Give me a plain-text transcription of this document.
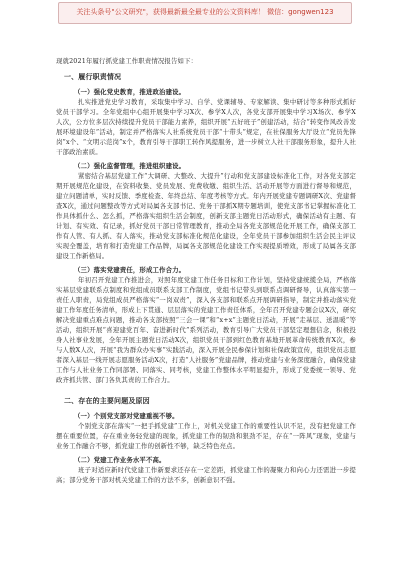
关注头条号"公文研究"，获得最新最全最专业的公文资料库！ 微信：gongwen123

现就2021年履行抓党建工作职责情况报告如下：

一、履行职责情况
（一）强化党史教育，推进政治建设。

扎实推进党史学习教育，采取集中学习、自学、党课辅导、专家解读、集中研讨等多种形式抓好党员干部学习。全年党组中心组开展集中学习X次、参学X人次，各党支部开展集中学习X场次、参学X人次，公方位多层次持续提升党员干部能力素养，组织开展“五好班子”创建活动，结合“转变作风改善发展环境建设年”活动，制定并严格落实人社系统党员干部“十带头”规定，在社保服务大厅设立“党员先锋岗”x个、“文明示范岗”x个，教育引导干部职工转作风提服务，进一步树立人社干部服务形象，提升人社干部政治素质。

（二）强化监督管理，推进组织建设。

紧密结合基层党建工作“大调研、大整改、大提升”行动和党支部建设标准化工作，对各党支部定期开展规范化建设，在资料收集、党员发展、党费收缴、组织生活、活动开展等方面进行督导和规范，建立问题清单，实时反馈、季度检查、年终总结、年度考核等方式。年内开展党建专题调研X次、党建督查X次，通过问题整改等方式对局属各支部书记、党务干部抓X期专题培训，使党支部书记掌握标准化工作具体抓什么、怎么抓，严格落实组织生活会制度，创新支部主题党日活动形式，确保活动有主题、有计划、有实效、有记录，抓好党员干部日常管理教育，推动全局各党支部规范化开展工作，确保支部工作有人管、有人抓、有人落实，推动党支部标准化规范化建设，全年党员干部参加组织生活会民主评议实现全覆盖，培育和打造党建工作品牌，局属各支部规范化建设工作实现提质增效，形成了局属各支部建设工作新格局。

（三）落实党建责任，形成工作合力。

年初召开党建工作推进会，对照年度党建工作任务目标和工作计划，坚持党建统揽全局，严格落实基层党建联系点制度和党组成员联系支部工作制度，党组书记带头到联系点调研督导，认真落实第一责任人职责，局党组成员严格落实“一岗双责”，深入各支部和联系点开展调研指导，制定并推动落实党建工作年度任务清单，形成上下贯通、层层落实的党建工作责任体系，全年召开党建专题会议X次，研究解决党建重点难点问题，推动各支部按照“三会一课”和“x+x”主题党日活动，开展“走基层、送温暖”等活动，组织开展“喜迎建党百年、奋进新时代”系列活动，教育引导广大党员干部坚定理想信念，积极投身人社事业发展，全年开展主题党日活动X次，组织党员干部到红色教育基地开展革命传统教育X次，参与人数X人次，开展“我为群众办实事”实践活动，深入开展全民参保计划和社保政策宣传，组织党员志愿者深入基层一线开展志愿服务活动X次，打造“人社服务”党建品牌，推动党建与业务深度融合，确保党建工作与人社业务工作同部署、同落实、同考核，党建工作整体水平明显提升，形成了党委统一领导、党政齐抓共管、部门各负其责的工作合力。

二、存在的主要问题及原因
（一）个别党支部对党建重视不够。

个别党支部在落实“一把手抓党建”工作上，对机关党建工作的重要性认识不足，没有把党建工作摆在重要位置，存在重业务轻党建的现象，抓党建工作的韧劲和狠劲不足，存在“一阵风”现象，党建与业务工作融合不够，抓党建工作的创新性不够，缺乏特色亮点。

（二）党建工作业务水平不高。

班子对适应新时代党建工作新要求还存在一定差距，抓党建工作的凝聚力和向心力还需进一步提高；部分党务干部对机关党建工作的方法不多，创新意识不强。
